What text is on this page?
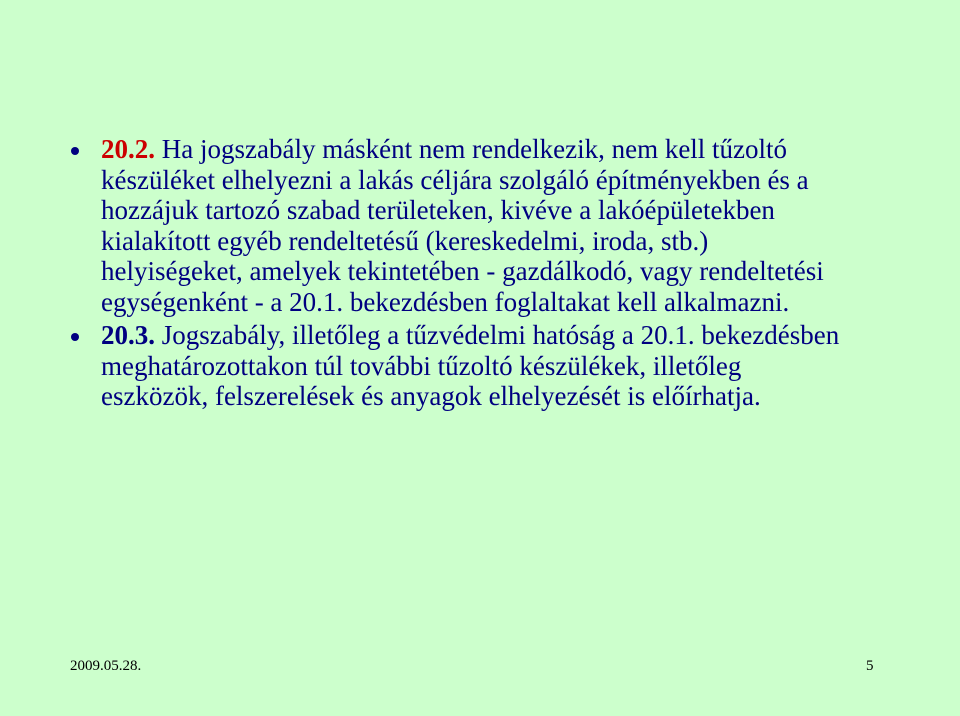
20.2. Ha jogszabály másként nem rendelkezik, nem kell tűzoltó készüléket elhelyezni a lakás céljára szolgáló építményekben és a hozzájuk tartozó szabad területeken, kivéve a lakóépületekben kialakított egyéb rendeltetésű (kereskedelmi, iroda, stb.) helyiségeket, amelyek tekintetében - gazdálkodó, vagy rendeltetési egységenként - a 20.1. bekezdésben foglaltakat kell alkalmazni.

20.3. Jogszabály, illetőleg a tűzvédelmi hatóság a 20.1. bekezdésben meghatározottakon túl további tűzoltó készülékek, illetőleg eszközök, felszerelések és anyagok elhelyezését is előírhatja.

2009.05.28.	5
